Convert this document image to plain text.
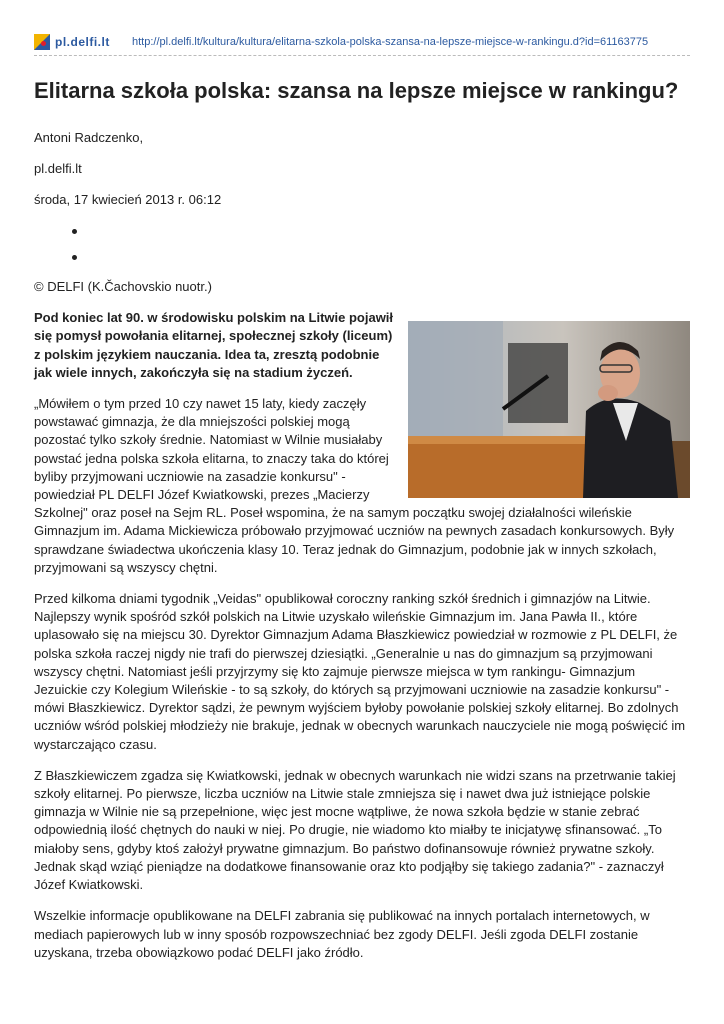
pl.delfi.lt http://pl.delfi.lt/kultura/kultura/elitarna-szkola-polska-szansa-na-lepsze-miejsce-w-rankingu.d?id=61163775
Elitarna szkoła polska: szansa na lepsze miejsce w rankingu?
Antoni Radczenko,
pl.delfi.lt
środa, 17 kwiecień 2013 r. 06:12

© DELFI (K.Čachovskio nuotr.)

Pod koniec lat 90. w środowisku polskim na Litwie pojawił się pomysł powołania elitarnej, społecznej szkoły (liceum) z polskim językiem nauczania. Idea ta, zresztą podobnie jak wiele innych, zakończyła się na stadium życzeń.

„Mówiłem o tym przed 10 czy nawet 15 laty, kiedy zaczęły powstawać gimnazja, że dla mniejszości polskiej mogą pozostać tylko szkoły średnie. Natomiast w Wilnie musiałaby powstać jedna polska szkoła elitarna, to znaczy taka do której byliby przyjmowani uczniowie na zasadzie konkursu" - powiedział PL DELFI Józef Kwiatkowski, prezes „Macierzy Szkolnej" oraz poseł na Sejm RL. Poseł wspomina, że na samym początku swojej działalności wileńskie Gimnazjum im. Adama Mickiewicza próbowało przyjmować uczniów na pewnych zasadach konkursowych. Były sprawdzane świadectwa ukończenia klasy 10. Teraz jednak do Gimnazjum, podobnie jak w innych szkołach, przyjmowani są wszyscy chętni.

Przed kilkoma dniami tygodnik „Veidas" opublikował coroczny ranking szkół średnich i gimnazjów na Litwie. Najlepszy wynik spośród szkół polskich na Litwie uzyskało wileńskie Gimnazjum im. Jana Pawła II., które uplasowało się na miejscu 30. Dyrektor Gimnazjum Adama Błaszkiewicz powiedział w rozmowie z PL DELFI, że polska szkoła raczej nigdy nie trafi do pierwszej dziesiątki. „Generalnie u nas do gimnazjum są przyjmowani wszyscy chętni. Natomiast jeśli przyjrzymy się kto zajmuje pierwsze miejsca w tym rankingu- Gimnazjum Jezuickie czy Kolegium Wileńskie - to są szkoły, do których są przyjmowani uczniowie na zasadzie konkursu" - mówi Błaszkiewicz. Dyrektor sądzi, że pewnym wyjściem byłoby powołanie polskiej szkoły elitarnej. Bo zdolnych uczniów wśród polskiej młodzieży nie brakuje, jednak w obecnych warunkach nauczyciele nie mogą poświęcić im wystarczająco czasu.

Z Błaszkiewiczem zgadza się Kwiatkowski, jednak w obecnych warunkach nie widzi szans na przetrwanie takiej szkoły elitarnej. Po pierwsze, liczba uczniów na Litwie stale zmniejsza się i nawet dwa już istniejące polskie gimnazja w Wilnie nie są przepełnione, więc jest mocne wątpliwe, że nowa szkoła będzie w stanie zebrać odpowiednią ilość chętnych do nauki w niej. Po drugie, nie wiadomo kto miałby te inicjatywę sfinansować. „To miałoby sens, gdyby ktoś założył prywatne gimnazjum. Bo państwo dofinansowuje również prywatne szkoły. Jednak skąd wziąć pieniądze na dodatkowe finansowanie oraz kto podjąłby się takiego zadania?" - zaznaczył Józef Kwiatkowski.

Wszelkie informacje opublikowane na DELFI zabrania się publikować na innych portalach internetowych, w mediach papierowych lub w inny sposób rozpowszechniać bez zgody DELFI. Jeśli zgoda DELFI zostanie uzyskana, trzeba obowiązkowo podać DELFI jako źródło.
